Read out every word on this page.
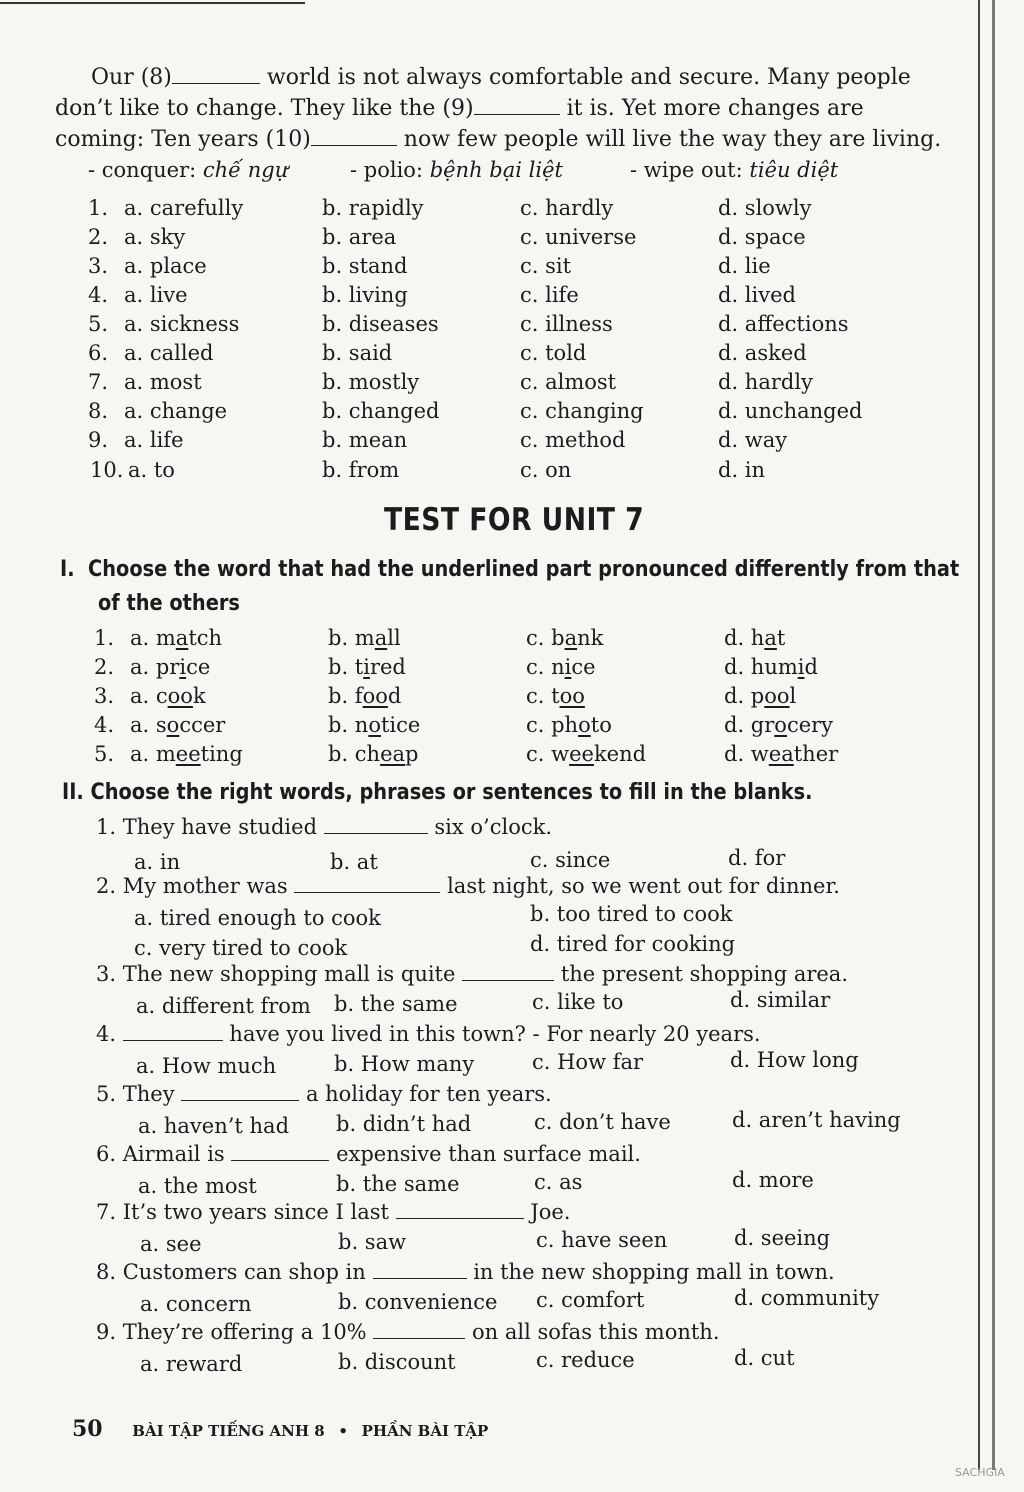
Our (8)	world is not always comfortable and secure. Many people

don’t like to change. They like the (9)	it is. Yet more changes are

coming: Ten years (10)	now few people will live the way they are living.

- conquer: chế ngự	- polio: bệnh bại liệt	- wipe out: tiêu diệt
1. a. carefully	b. rapidly	c. hardly	d. slowly
2. a. sky	b. area	c. universe	d. space
3. a. place	b. stand	c. sit	d. lie
4. a. live	b. living	c. life	d. lived
5. a. sickness	b. diseases	c. illness	d. affections
6. a. called	b. said	c. told	d. asked
7. a. most	b. mostly	c. almost	d. hardly
8. a. change	b. changed	c. changing	d. unchanged
9. a. life	b. mean	c. method	d. way
10. a. to	b. from	c. on	d. in
TEST FOR UNIT 7
I. Choose the word that had the underlined part pronounced differently from that
of the others
1. a. match	b. mall	c. bank	d. hat
2. a. price	b. tired	c. nice	d. humid
3. a. cook	b. food	c. too	d. pool
4. a. soccer	b. notice	c. photo	d. grocery
5. a. meeting	b. cheap	c. weekend	d. weather
II. Choose the right words, phrases or sentences to fill in the blanks.
1. They have studied	six o’clock.
a. in	b. at	c. since	d. for
2. My mother was	last night, so we went out for dinner.
a. tired enough to cook	b. too tired to cook
c. very tired to cook	d. tired for cooking
3. The new shopping mall is quite	the present shopping area.
a. different from b. the same	c. like to	d. similar
4.	have you lived in this town? - For nearly 20 years.
a. How much	b. How many	c. How far	d. How long
5. They	a holiday for ten years.
a. haven’t had b. didn’t had	c. don’t have	d. aren’t having
6. Airmail is	expensive than surface mail.
a. the most	b. the same	c. as	d. more
7. It’s two years since I last	Joe.
a. see	b. saw	c. have seen	d. seeing
8. Customers can shop in	in the new shopping mall in town.
a. concern	b. convenience c. comfort	d. community
9. They’re offering a 10%	on all sofas this month.
a. reward	b. discount	c. reduce	d. cut
50 BÀI TẬP TIẾNG ANH 8 • PHẦN BÀI TẬP
SACHGIA
